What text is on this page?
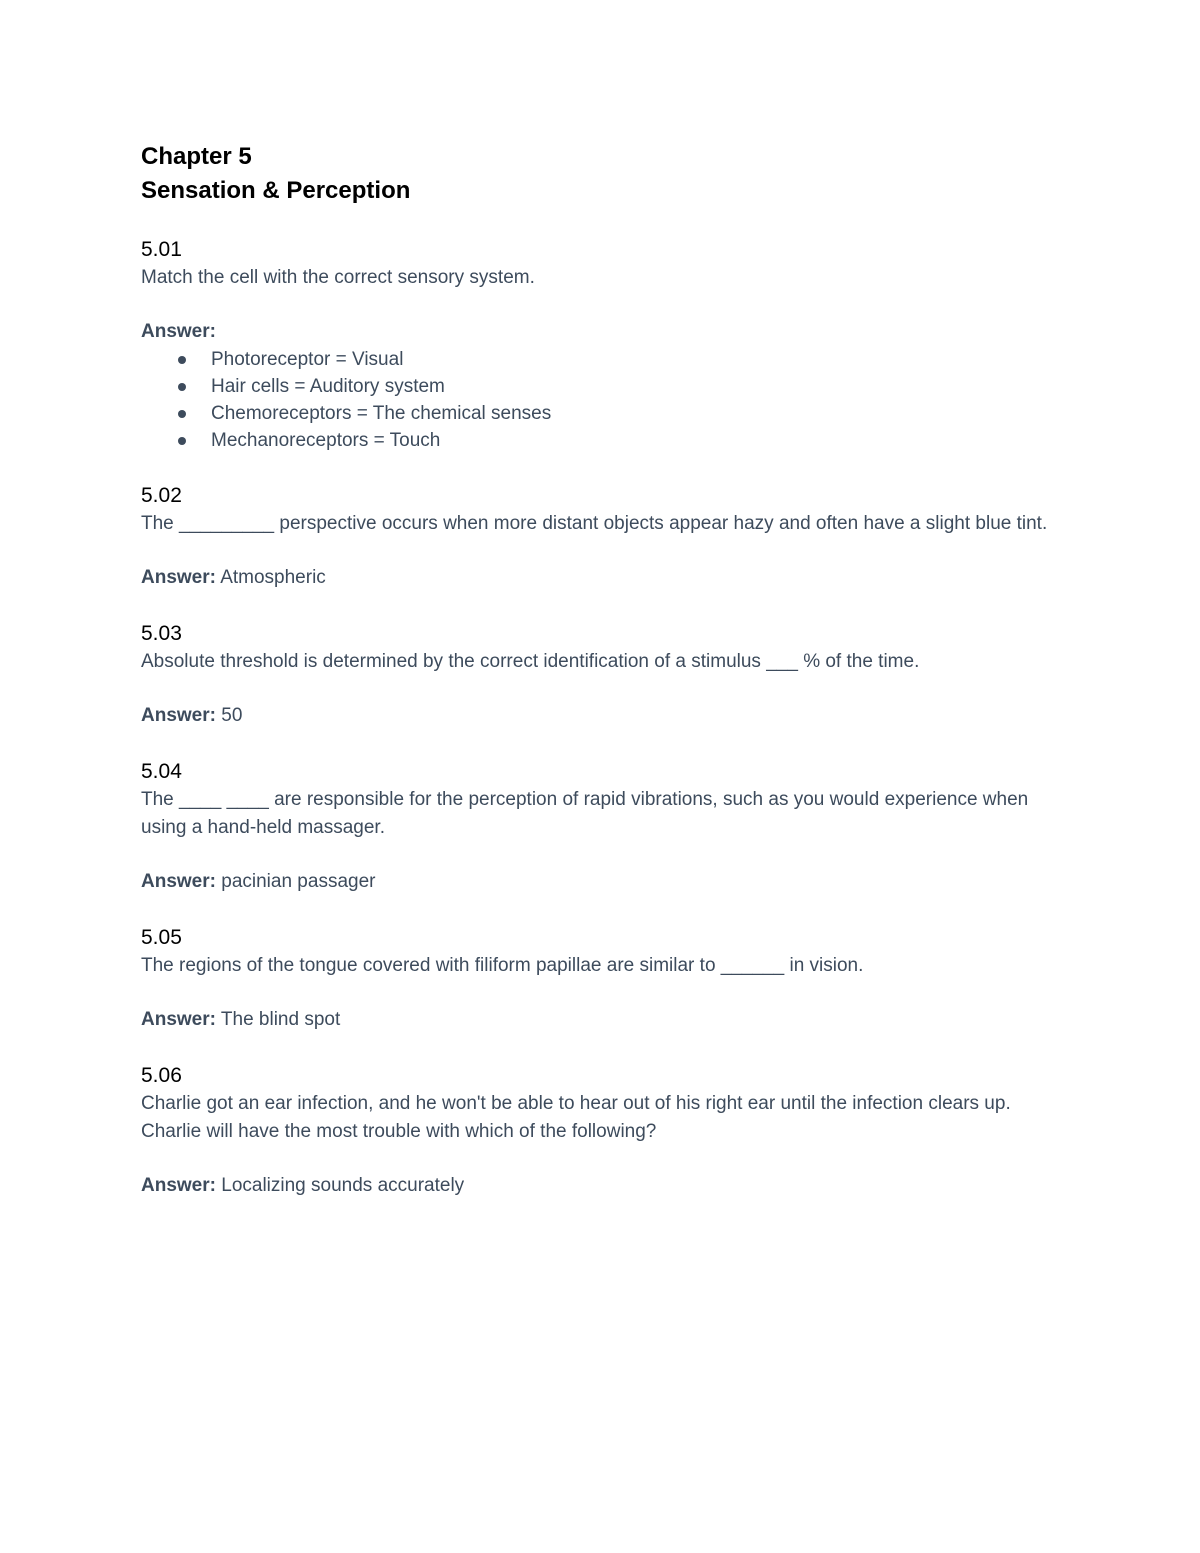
Chapter 5

Sensation & Perception

5.01

Match the cell with the correct sensory system.

Answer:

Photoreceptor = Visual
Hair cells = Auditory system
Chemoreceptors = The chemical senses
Mechanoreceptors = Touch

5.02

The _________ perspective occurs when more distant objects appear hazy and often have a slight blue tint.

Answer: Atmospheric

5.03

Absolute threshold is determined by the correct identification of a stimulus ___ % of the time.

Answer: 50

5.04

The ____ ____ are responsible for the perception of rapid vibrations, such as you would experience when using a hand-held massager.

Answer: pacinian passager

5.05

The regions of the tongue covered with filiform papillae are similar to ______ in vision.

Answer: The blind spot

5.06

Charlie got an ear infection, and he won't be able to hear out of his right ear until the infection clears up. Charlie will have the most trouble with which of the following?

Answer: Localizing sounds accurately
